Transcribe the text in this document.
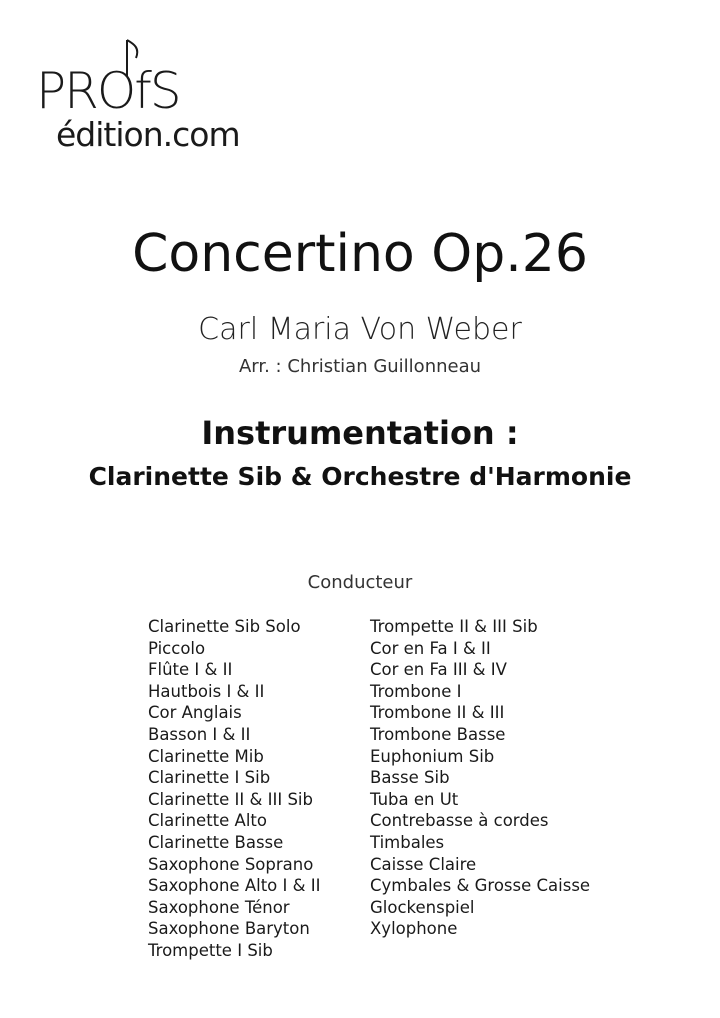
PROfS
édition.com
Concertino Op.26
Carl Maria Von Weber
Arr. : Christian Guillonneau
Instrumentation :
Clarinette Sib & Orchestre d'Harmonie
Conducteur
Clarinette Sib Solo
Piccolo
Flûte I & II
Hautbois I & II
Cor Anglais
Basson I & II
Clarinette Mib
Clarinette I Sib
Clarinette II & III Sib
Clarinette Alto
Clarinette Basse
Saxophone Soprano
Saxophone Alto I & II
Saxophone Ténor
Saxophone Baryton
Trompette I Sib
Trompette II & III Sib
Cor en Fa I & II
Cor en Fa III & IV
Trombone I
Trombone II & III
Trombone Basse
Euphonium Sib
Basse Sib
Tuba en Ut
Contrebasse à cordes
Timbales
Caisse Claire
Cymbales & Grosse Caisse
Glockenspiel
Xylophone
